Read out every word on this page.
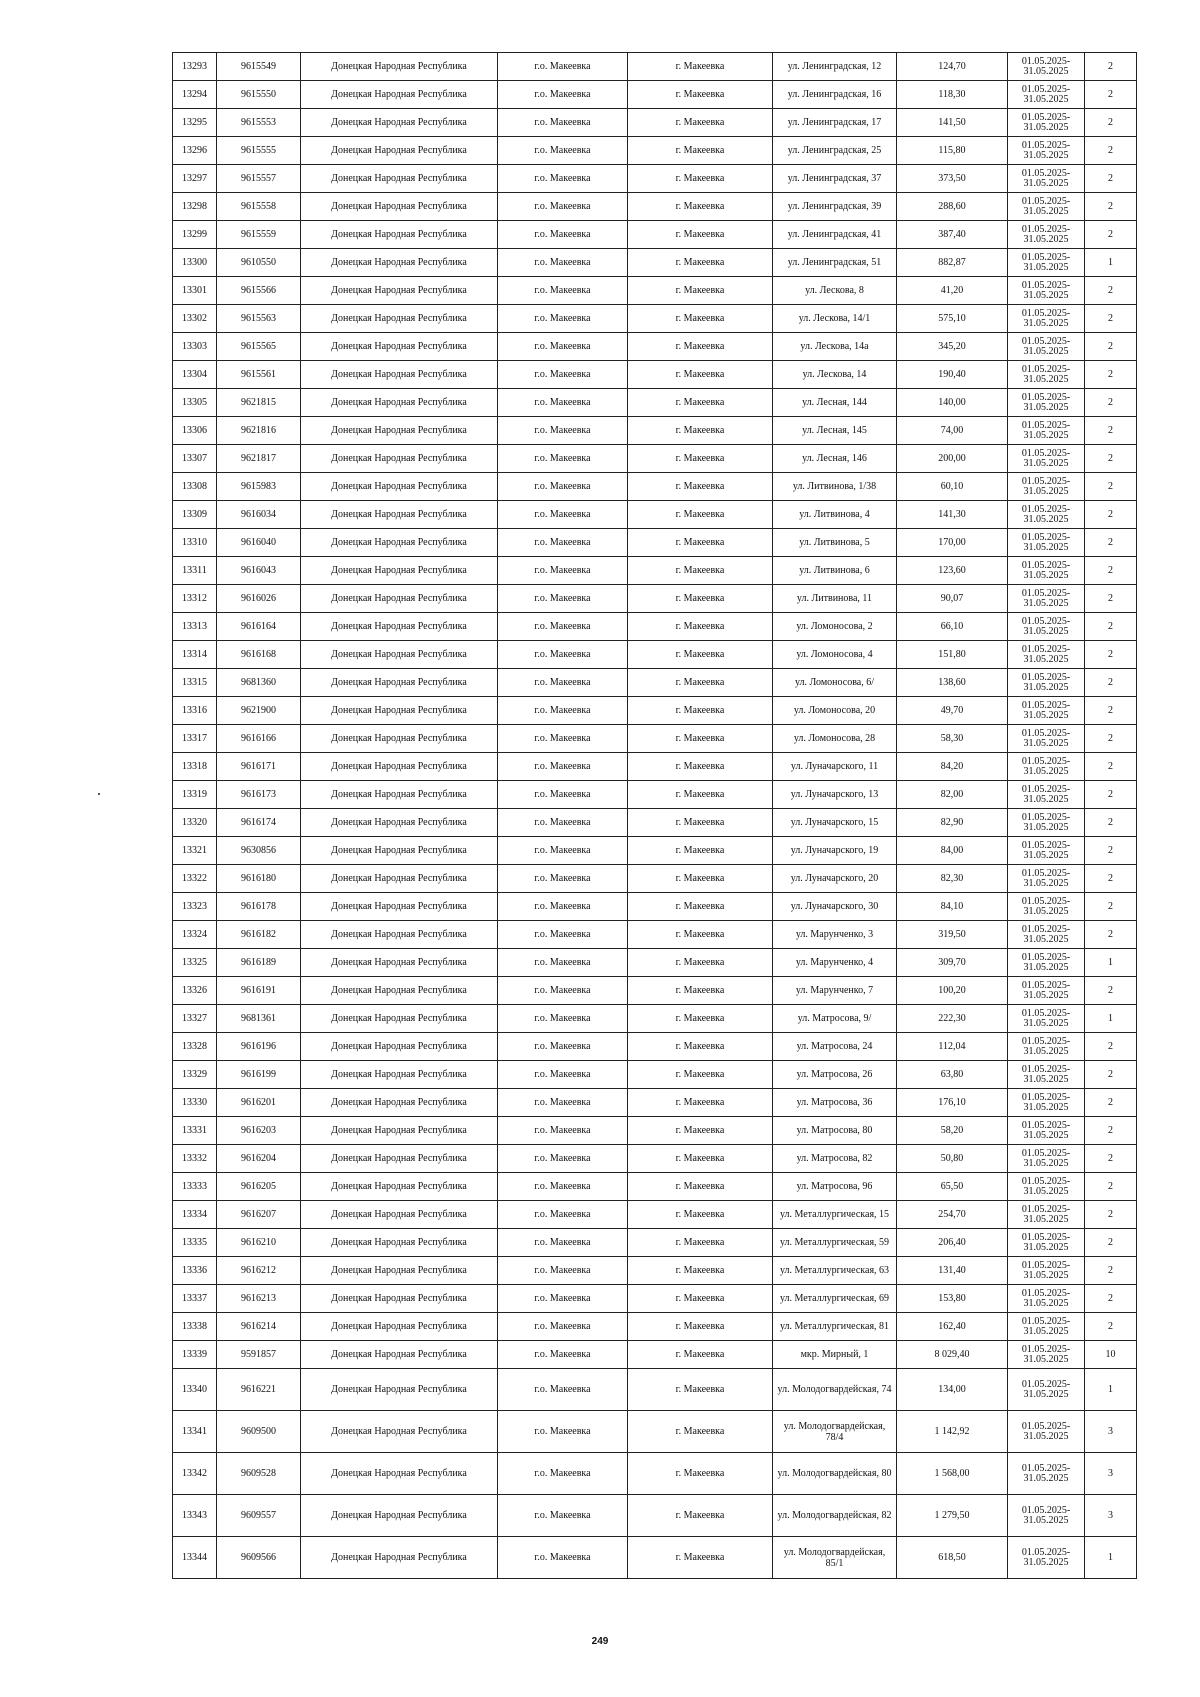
13293	9615549	Донецкая Народная Республика	г.о. Макеевка	г. Макеевка	ул. Ленинградская, 12	124,70	01.05.2025-
31.05.2025	2
13294	9615550	Донецкая Народная Республика	г.о. Макеевка	г. Макеевка	ул. Ленинградская, 16	118,30	01.05.2025-
31.05.2025	2
13295	9615553	Донецкая Народная Республика	г.о. Макеевка	г. Макеевка	ул. Ленинградская, 17	141,50	01.05.2025-
31.05.2025	2
13296	9615555	Донецкая Народная Республика	г.о. Макеевка	г. Макеевка	ул. Ленинградская, 25	115,80	01.05.2025-
31.05.2025	2
13297	9615557	Донецкая Народная Республика	г.о. Макеевка	г. Макеевка	ул. Ленинградская, 37	373,50	01.05.2025-
31.05.2025	2
13298	9615558	Донецкая Народная Республика	г.о. Макеевка	г. Макеевка	ул. Ленинградская, 39	288,60	01.05.2025-
31.05.2025	2
13299	9615559	Донецкая Народная Республика	г.о. Макеевка	г. Макеевка	ул. Ленинградская, 41	387,40	01.05.2025-
31.05.2025	2
13300	9610550	Донецкая Народная Республика	г.о. Макеевка	г. Макеевка	ул. Ленинградская, 51	882,87	01.05.2025-
31.05.2025	1
13301	9615566	Донецкая Народная Республика	г.о. Макеевка	г. Макеевка	ул. Лескова, 8	41,20	01.05.2025-
31.05.2025	2
13302	9615563	Донецкая Народная Республика	г.о. Макеевка	г. Макеевка	ул. Лескова, 14/1	575,10	01.05.2025-
31.05.2025	2
13303	9615565	Донецкая Народная Республика	г.о. Макеевка	г. Макеевка	ул. Лескова, 14а	345,20	01.05.2025-
31.05.2025	2
13304	9615561	Донецкая Народная Республика	г.о. Макеевка	г. Макеевка	ул. Лескова, 14	190,40	01.05.2025-
31.05.2025	2
13305	9621815	Донецкая Народная Республика	г.о. Макеевка	г. Макеевка	ул. Лесная, 144	140,00	01.05.2025-
31.05.2025	2
13306	9621816	Донецкая Народная Республика	г.о. Макеевка	г. Макеевка	ул. Лесная, 145	74,00	01.05.2025-
31.05.2025	2
13307	9621817	Донецкая Народная Республика	г.о. Макеевка	г. Макеевка	ул. Лесная, 146	200,00	01.05.2025-
31.05.2025	2
13308	9615983	Донецкая Народная Республика	г.о. Макеевка	г. Макеевка	ул. Литвинова, 1/38	60,10	01.05.2025-
31.05.2025	2
13309	9616034	Донецкая Народная Республика	г.о. Макеевка	г. Макеевка	ул. Литвинова, 4	141,30	01.05.2025-
31.05.2025	2
13310	9616040	Донецкая Народная Республика	г.о. Макеевка	г. Макеевка	ул. Литвинова, 5	170,00	01.05.2025-
31.05.2025	2
13311	9616043	Донецкая Народная Республика	г.о. Макеевка	г. Макеевка	ул. Литвинова, 6	123,60	01.05.2025-
31.05.2025	2
13312	9616026	Донецкая Народная Республика	г.о. Макеевка	г. Макеевка	ул. Литвинова, 11	90,07	01.05.2025-
31.05.2025	2
13313	9616164	Донецкая Народная Республика	г.о. Макеевка	г. Макеевка	ул. Ломоносова, 2	66,10	01.05.2025-
31.05.2025	2
13314	9616168	Донецкая Народная Республика	г.о. Макеевка	г. Макеевка	ул. Ломоносова, 4	151,80	01.05.2025-
31.05.2025	2
13315	9681360	Донецкая Народная Республика	г.о. Макеевка	г. Макеевка	ул. Ломоносова, 6/	138,60	01.05.2025-
31.05.2025	2
13316	9621900	Донецкая Народная Республика	г.о. Макеевка	г. Макеевка	ул. Ломоносова, 20	49,70	01.05.2025-
31.05.2025	2
13317	9616166	Донецкая Народная Республика	г.о. Макеевка	г. Макеевка	ул. Ломоносова, 28	58,30	01.05.2025-
31.05.2025	2
13318	9616171	Донецкая Народная Республика	г.о. Макеевка	г. Макеевка	ул. Луначарского, 11	84,20	01.05.2025-
31.05.2025	2
13319	9616173	Донецкая Народная Республика	г.о. Макеевка	г. Макеевка	ул. Луначарского, 13	82,00	01.05.2025-
31.05.2025	2
13320	9616174	Донецкая Народная Республика	г.о. Макеевка	г. Макеевка	ул. Луначарского, 15	82,90	01.05.2025-
31.05.2025	2
13321	9630856	Донецкая Народная Республика	г.о. Макеевка	г. Макеевка	ул. Луначарского, 19	84,00	01.05.2025-
31.05.2025	2
13322	9616180	Донецкая Народная Республика	г.о. Макеевка	г. Макеевка	ул. Луначарского, 20	82,30	01.05.2025-
31.05.2025	2
13323	9616178	Донецкая Народная Республика	г.о. Макеевка	г. Макеевка	ул. Луначарского, 30	84,10	01.05.2025-
31.05.2025	2
13324	9616182	Донецкая Народная Республика	г.о. Макеевка	г. Макеевка	ул. Марунченко, 3	319,50	01.05.2025-
31.05.2025	2
13325	9616189	Донецкая Народная Республика	г.о. Макеевка	г. Макеевка	ул. Марунченко, 4	309,70	01.05.2025-
31.05.2025	1
13326	9616191	Донецкая Народная Республика	г.о. Макеевка	г. Макеевка	ул. Марунченко, 7	100,20	01.05.2025-
31.05.2025	2
13327	9681361	Донецкая Народная Республика	г.о. Макеевка	г. Макеевка	ул. Матросова, 9/	222,30	01.05.2025-
31.05.2025	1
13328	9616196	Донецкая Народная Республика	г.о. Макеевка	г. Макеевка	ул. Матросова, 24	112,04	01.05.2025-
31.05.2025	2
13329	9616199	Донецкая Народная Республика	г.о. Макеевка	г. Макеевка	ул. Матросова, 26	63,80	01.05.2025-
31.05.2025	2
13330	9616201	Донецкая Народная Республика	г.о. Макеевка	г. Макеевка	ул. Матросова, 36	176,10	01.05.2025-
31.05.2025	2
13331	9616203	Донецкая Народная Республика	г.о. Макеевка	г. Макеевка	ул. Матросова, 80	58,20	01.05.2025-
31.05.2025	2
13332	9616204	Донецкая Народная Республика	г.о. Макеевка	г. Макеевка	ул. Матросова, 82	50,80	01.05.2025-
31.05.2025	2
13333	9616205	Донецкая Народная Республика	г.о. Макеевка	г. Макеевка	ул. Матросова, 96	65,50	01.05.2025-
31.05.2025	2
13334	9616207	Донецкая Народная Республика	г.о. Макеевка	г. Макеевка	ул. Металлургическая, 15	254,70	01.05.2025-
31.05.2025	2
13335	9616210	Донецкая Народная Республика	г.о. Макеевка	г. Макеевка	ул. Металлургическая, 59	206,40	01.05.2025-
31.05.2025	2
13336	9616212	Донецкая Народная Республика	г.о. Макеевка	г. Макеевка	ул. Металлургическая, 63	131,40	01.05.2025-
31.05.2025	2
13337	9616213	Донецкая Народная Республика	г.о. Макеевка	г. Макеевка	ул. Металлургическая, 69	153,80	01.05.2025-
31.05.2025	2
13338	9616214	Донецкая Народная Республика	г.о. Макеевка	г. Макеевка	ул. Металлургическая, 81	162,40	01.05.2025-
31.05.2025	2
13339	9591857	Донецкая Народная Республика	г.о. Макеевка	г. Макеевка	мкр. Мирный, 1	8 029,40	01.05.2025-
31.05.2025	10
13340	9616221	Донецкая Народная Республика	г.о. Макеевка	г. Макеевка	ул. Молодогвардейская, 74	134,00	01.05.2025-
31.05.2025	1
13341	9609500	Донецкая Народная Республика	г.о. Макеевка	г. Макеевка	ул. Молодогвардейская, 78/4	1 142,92	01.05.2025-
31.05.2025	3
13342	9609528	Донецкая Народная Республика	г.о. Макеевка	г. Макеевка	ул. Молодогвардейская, 80	1 568,00	01.05.2025-
31.05.2025	3
13343	9609557	Донецкая Народная Республика	г.о. Макеевка	г. Макеевка	ул. Молодогвардейская, 82	1 279,50	01.05.2025-
31.05.2025	3
13344	9609566	Донецкая Народная Республика	г.о. Макеевка	г. Макеевка	ул. Молодогвардейская, 85/1	618,50	01.05.2025-
31.05.2025	1
249
